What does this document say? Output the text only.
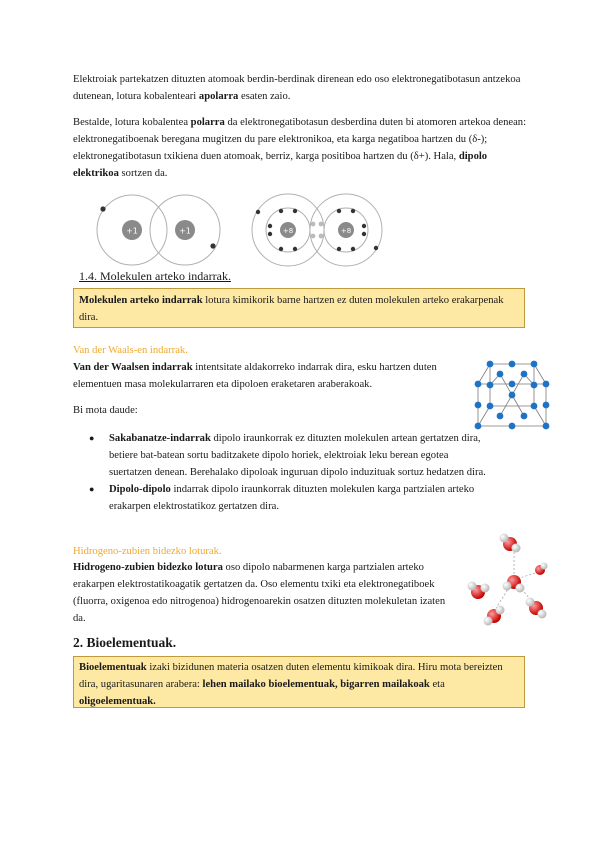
Elektroiak partekatzen dituzten atomoak berdin-berdinak direnean edo oso elektronegatibotasun antzekoa dutenean, lotura kobalenteari apolarra esaten zaio.

Bestalde, lotura kobalentea polarra da elektronegatibotasun desberdina duten bi atomoren artekoa denean: elektronegatiboenak beregana mugitzen du pare elektronikoa, eta karga negatiboa hartzen du (δ-); elektronegatibotasun txikiena duen atomoak, berriz, karga positiboa hartzen du (δ+). Hala, dipolo elektrikoa sortzen da.

+1	+1	+8	+8
1.4. Molekulen arteko indarrak.
Molekulen arteko indarrak lotura kimikorik barne hartzen ez duten molekulen arteko erakarpenak dira.
Van der Waals-en indarrak.

Van der Waalsen indarrak intentsitate aldakorreko indarrak dira, esku hartzen duten elementuen masa molekularraren eta dipoloen eraketaren araberakoak.

Bi mota daude:
● Sakabanatze-indarrak dipolo iraunkorrak ez dituzten molekulen artean gertatzen dira, betiere bat-batean sortu baditzakete dipolo horiek, elektroiak leku berean egotea suertatzen denean. Berehalako dipoloak inguruan dipolo induzituak sortuz hedatzen dira.
● Dipolo-dipolo indarrak dipolo iraunkorrak dituzten molekulen karga partzialen arteko erakarpen elektrostatikoz gertatzen dira.
Hidrogeno-zubien bidezko loturak.

Hidrogeno-zubien bidezko lotura oso dipolo nabarmenen karga partzialen arteko erakarpen elektrostatikoagatik gertatzen da. Oso elementu txiki eta elektronegatiboek (fluorra, oxigenoa edo nitrogenoa) hidrogenoarekin osatzen dituzten molekuletan izaten da.

2. Bioelementuak.
Bioelementuak izaki bizidunen materia osatzen duten elementu kimikoak dira. Hiru mota bereizten dira, ugaritasunaren arabera: lehen mailako bioelementuak, bigarren mailakoak eta oligoelementuak.
